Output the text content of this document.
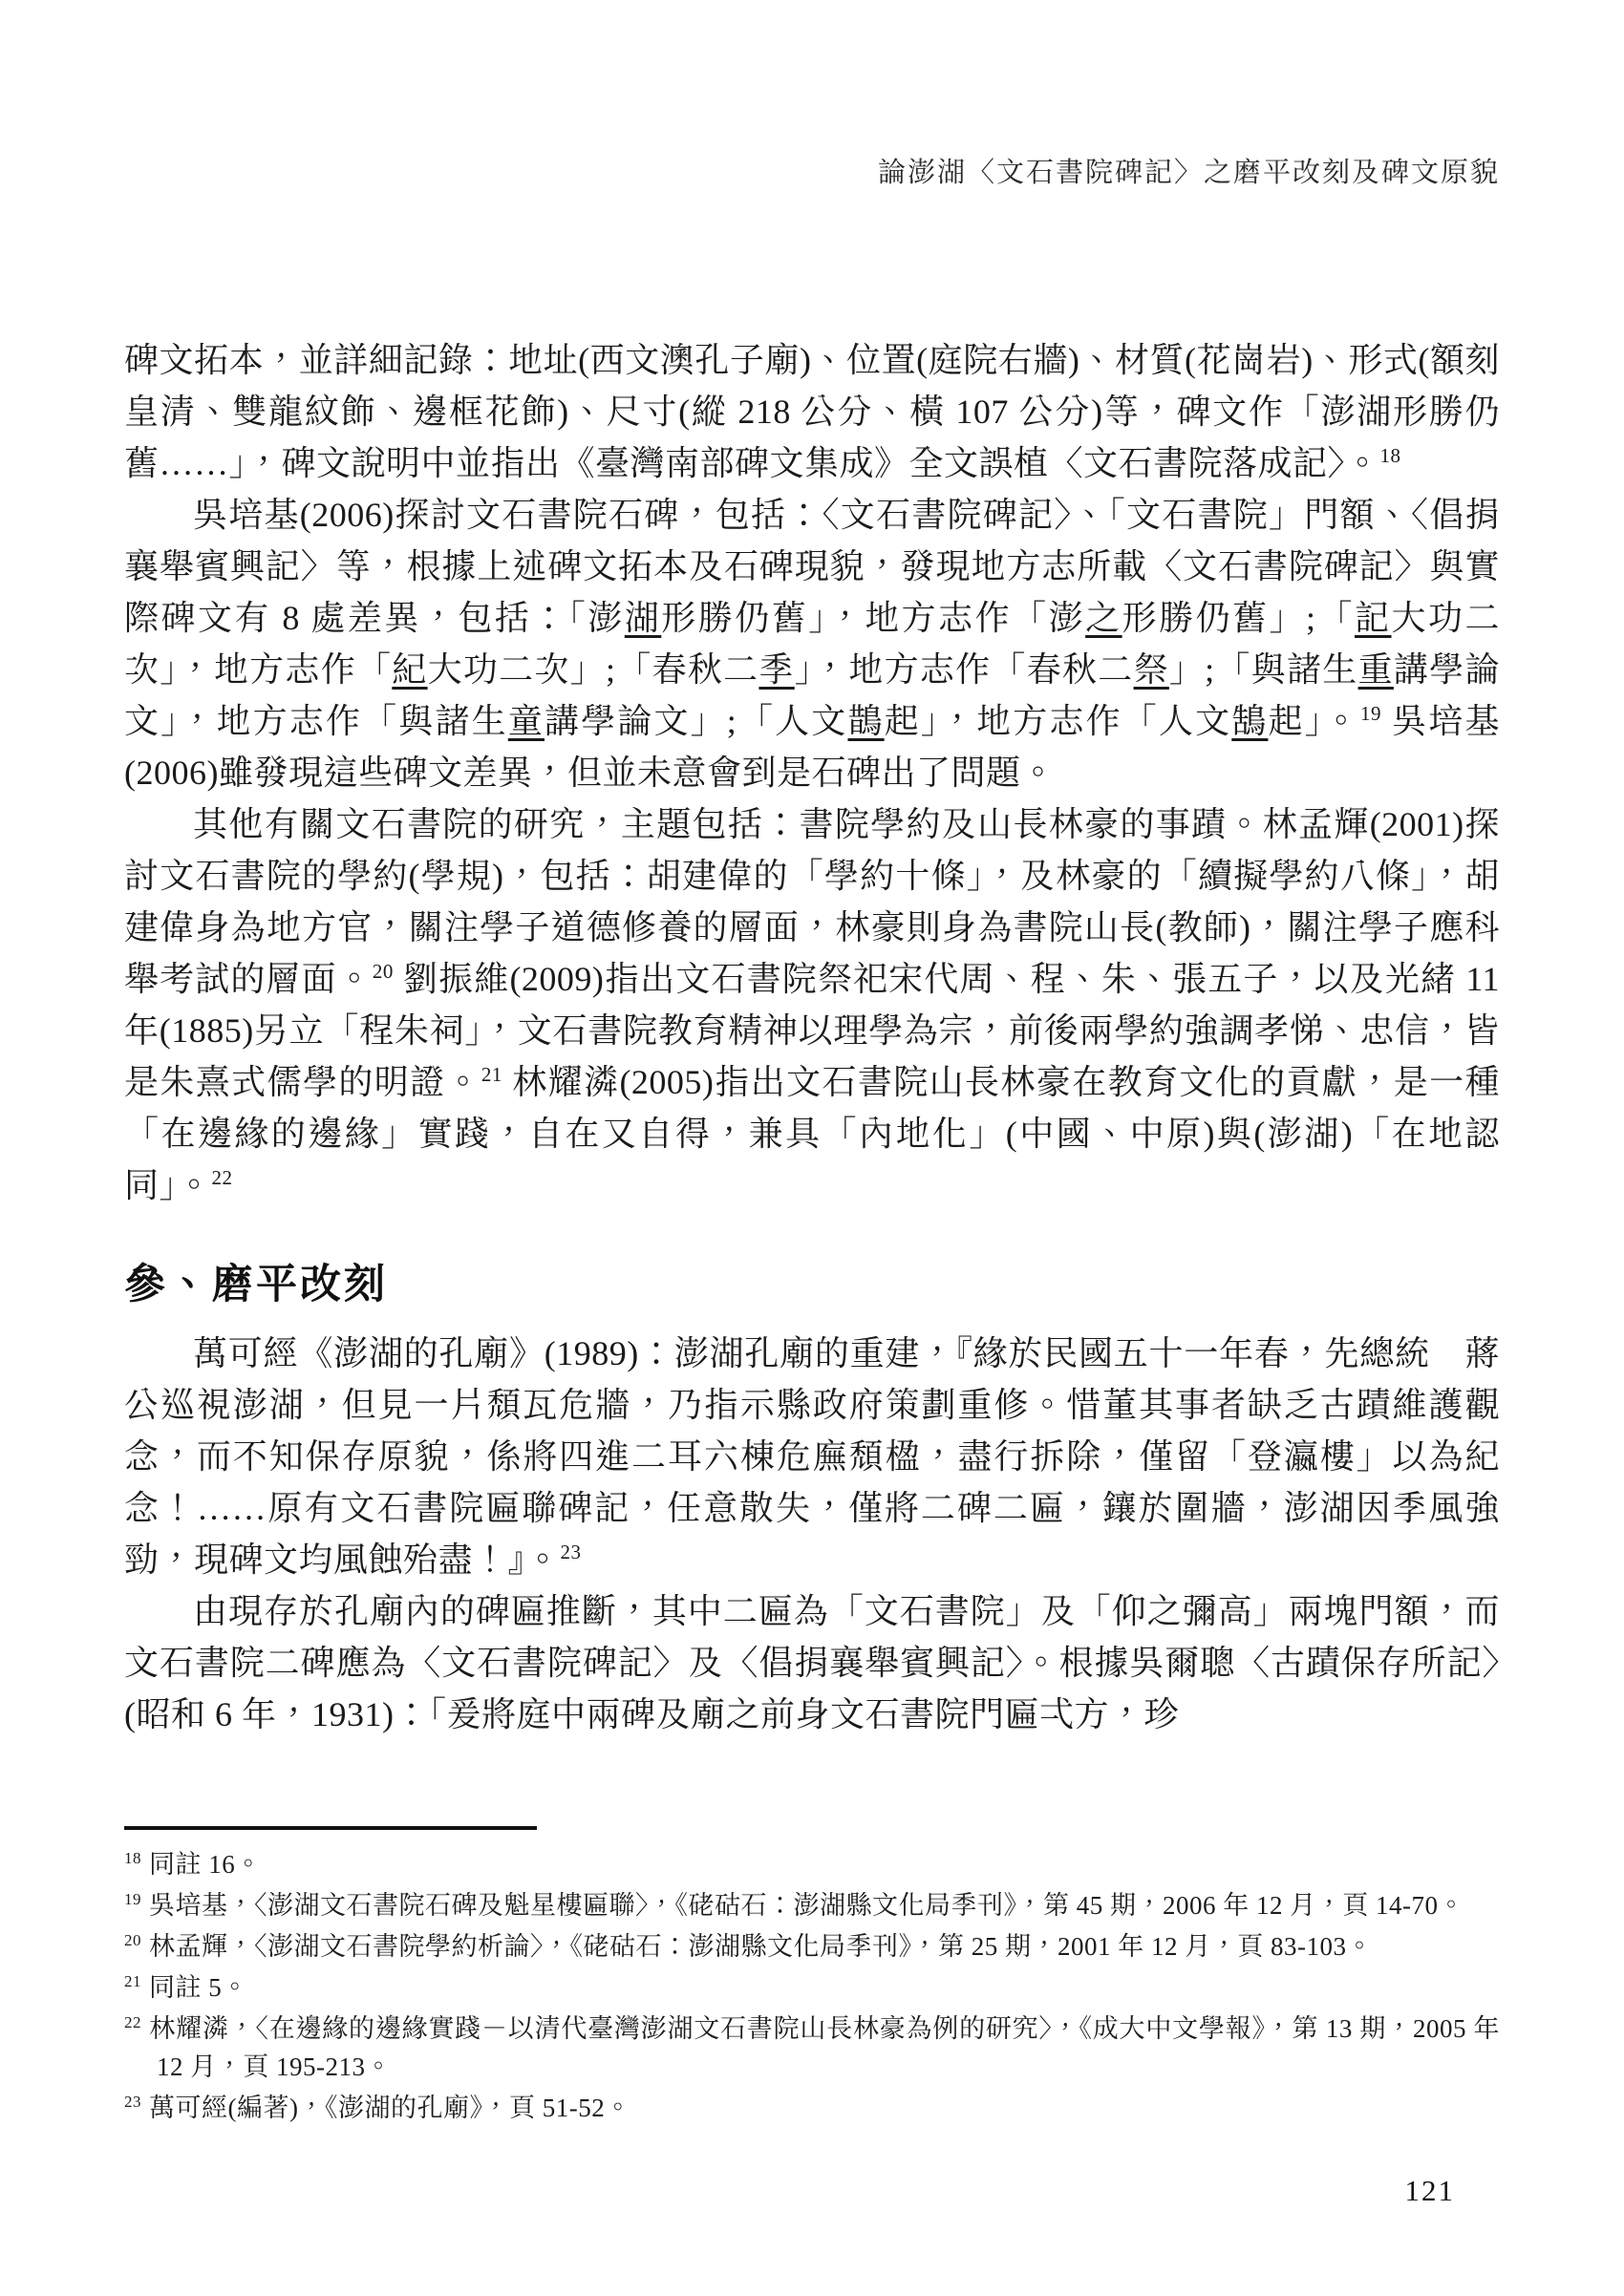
論澎湖〈文石書院碑記〉之磨平改刻及碑文原貌

碑文拓本，並詳細記錄：地址(西文澳孔子廟)、位置(庭院右牆)、材質(花崗岩)、形式(額刻皇清、雙龍紋飾、邊框花飾)、尺寸(縱 218 公分、橫 107 公分)等，碑文作「澎湖形勝仍舊……」，碑文說明中並指出《臺灣南部碑文集成》全文誤植〈文石書院落成記〉。$^{18}$

吳培基(2006)探討文石書院石碑，包括：〈文石書院碑記〉、「文石書院」門額、〈倡捐襄舉賓興記〉等，根據上述碑文拓本及石碑現貌，發現地方志所載〈文石書院碑記〉與實際碑文有 8 處差異，包括：「澎湖形勝仍舊」，地方志作「澎之形勝仍舊」;「記大功二次」，地方志作「紀大功二次」;「春秋二季」，地方志作「春秋二祭」;「與諸生重講學論文」，地方志作「與諸生童講學論文」;「人文鵲起」，地方志作「人文鵠起」。$^{19}$ 吳培基(2006)雖發現這些碑文差異，但並未意會到是石碑出了問題。

其他有關文石書院的研究，主題包括：書院學約及山長林豪的事蹟。林孟輝(2001)探討文石書院的學約(學規)，包括：胡建偉的「學約十條」，及林豪的「續擬學約八條」，胡建偉身為地方官，關注學子道德修養的層面，林豪則身為書院山長(教師)，關注學子應科舉考試的層面。$^{20}$ 劉振維(2009)指出文石書院祭祀宋代周、程、朱、張五子，以及光緒 11 年(1885)另立「程朱祠」，文石書院教育精神以理學為宗，前後兩學約強調孝悌、忠信，皆是朱熹式儒學的明證。$^{21}$ 林耀潾(2005)指出文石書院山長林豪在教育文化的貢獻，是一種「在邊緣的邊緣」實踐，自在又自得，兼具「內地化」(中國、中原)與(澎湖)「在地認同」。$^{22}$

參、磨平改刻

萬可經《澎湖的孔廟》(1989)：澎湖孔廟的重建，『緣於民國五十一年春，先總統　蔣公巡視澎湖，但見一片頹瓦危牆，乃指示縣政府策劃重修。惜董其事者缺乏古蹟維護觀念，而不知保存原貌，係將四進二耳六棟危廡頹楹，盡行拆除，僅留「登瀛樓」以為紀念！……原有文石書院匾聯碑記，任意散失，僅將二碑二匾，鑲於圍牆，澎湖因季風強勁，現碑文均風蝕殆盡！』。$^{23}$

由現存於孔廟內的碑匾推斷，其中二匾為「文石書院」及「仰之彌高」兩塊門額，而文石書院二碑應為〈文石書院碑記〉及〈倡捐襄舉賓興記〉。根據吳爾聰〈古蹟保存所記〉(昭和 6 年，1931)：「爰將庭中兩碑及廟之前身文石書院門匾弌方，珍

$^{18}$ 同註 16。
$^{19}$ 吳培基，〈澎湖文石書院石碑及魁星樓匾聯〉，《硓𥑮石：澎湖縣文化局季刊》，第 45 期，2006 年 12 月，頁 14-70。
$^{20}$ 林孟輝，〈澎湖文石書院學約析論〉，《硓𥑮石：澎湖縣文化局季刊》，第 25 期，2001 年 12 月，頁 83-103。
$^{21}$ 同註 5。
$^{22}$ 林耀潾，〈在邊緣的邊緣實踐－以清代臺灣澎湖文石書院山長林豪為例的研究〉，《成大中文學報》，第 13 期，2005 年 12 月，頁 195-213。
$^{23}$ 萬可經(編著)，《澎湖的孔廟》，頁 51-52。
121
